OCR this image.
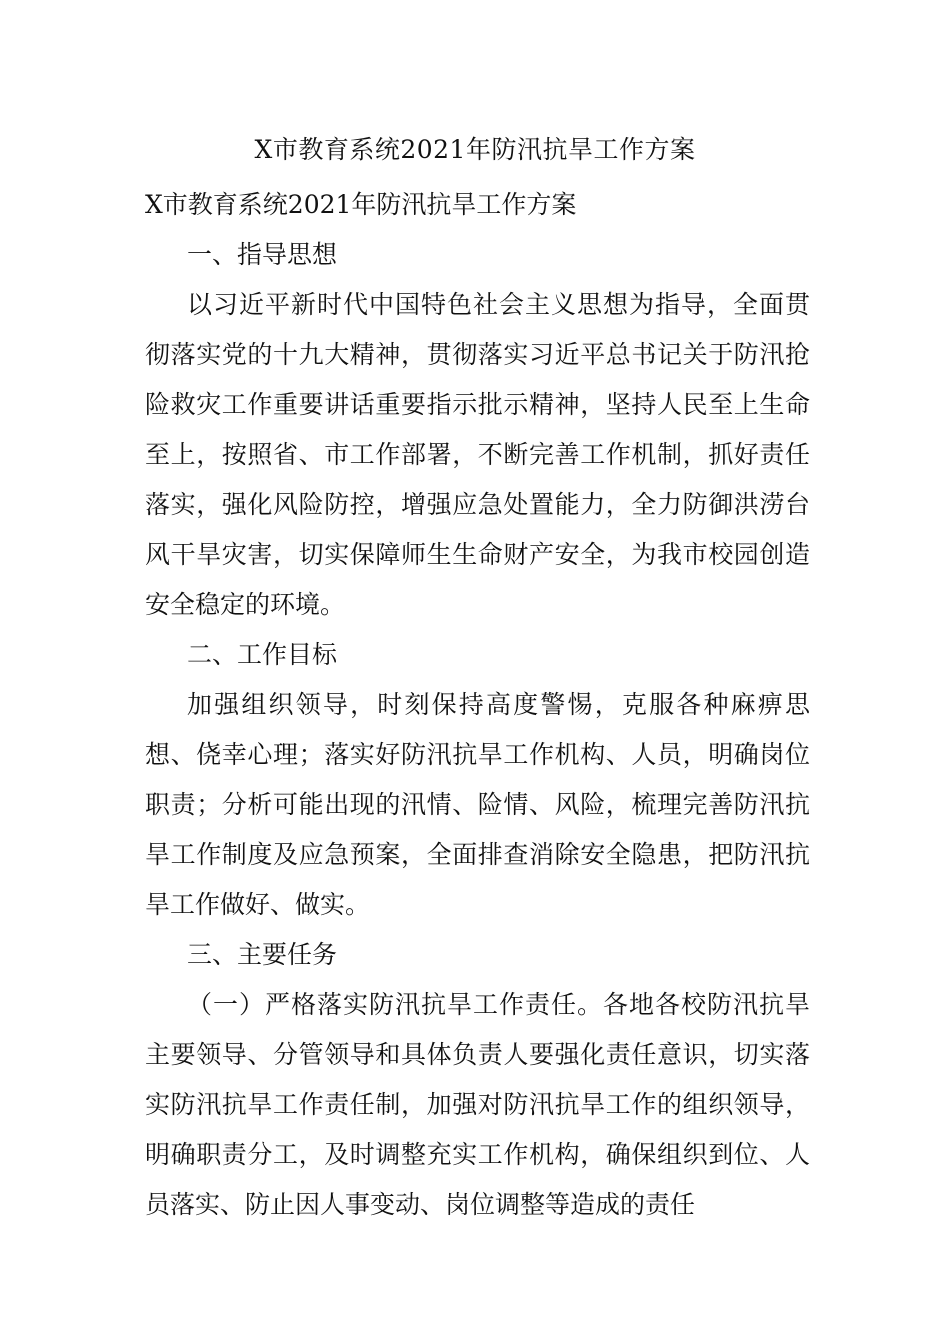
X市教育系统2021年防汛抗旱工作方案

X市教育系统2021年防汛抗旱工作方案

一、指导思想

以习近平新时代中国特色社会主义思想为指导，全面贯彻落实党的十九大精神，贯彻落实习近平总书记关于防汛抢险救灾工作重要讲话重要指示批示精神，坚持人民至上生命至上，按照省、市工作部署，不断完善工作机制，抓好责任落实，强化风险防控，增强应急处置能力，全力防御洪涝台风干旱灾害，切实保障师生生命财产安全，为我市校园创造安全稳定的环境。

二、工作目标

加强组织领导，时刻保持高度警惕，克服各种麻痹思想、侥幸心理；落实好防汛抗旱工作机构、人员，明确岗位职责；分析可能出现的汛情、险情、风险，梳理完善防汛抗旱工作制度及应急预案，全面排查消除安全隐患，把防汛抗旱工作做好、做实。

三、主要任务

（一）严格落实防汛抗旱工作责任。各地各校防汛抗旱主要领导、分管领导和具体负责人要强化责任意识，切实落实防汛抗旱工作责任制，加强对防汛抗旱工作的组织领导，明确职责分工，及时调整充实工作机构，确保组织到位、人员落实、防止因人事变动、岗位调整等造成的责任
